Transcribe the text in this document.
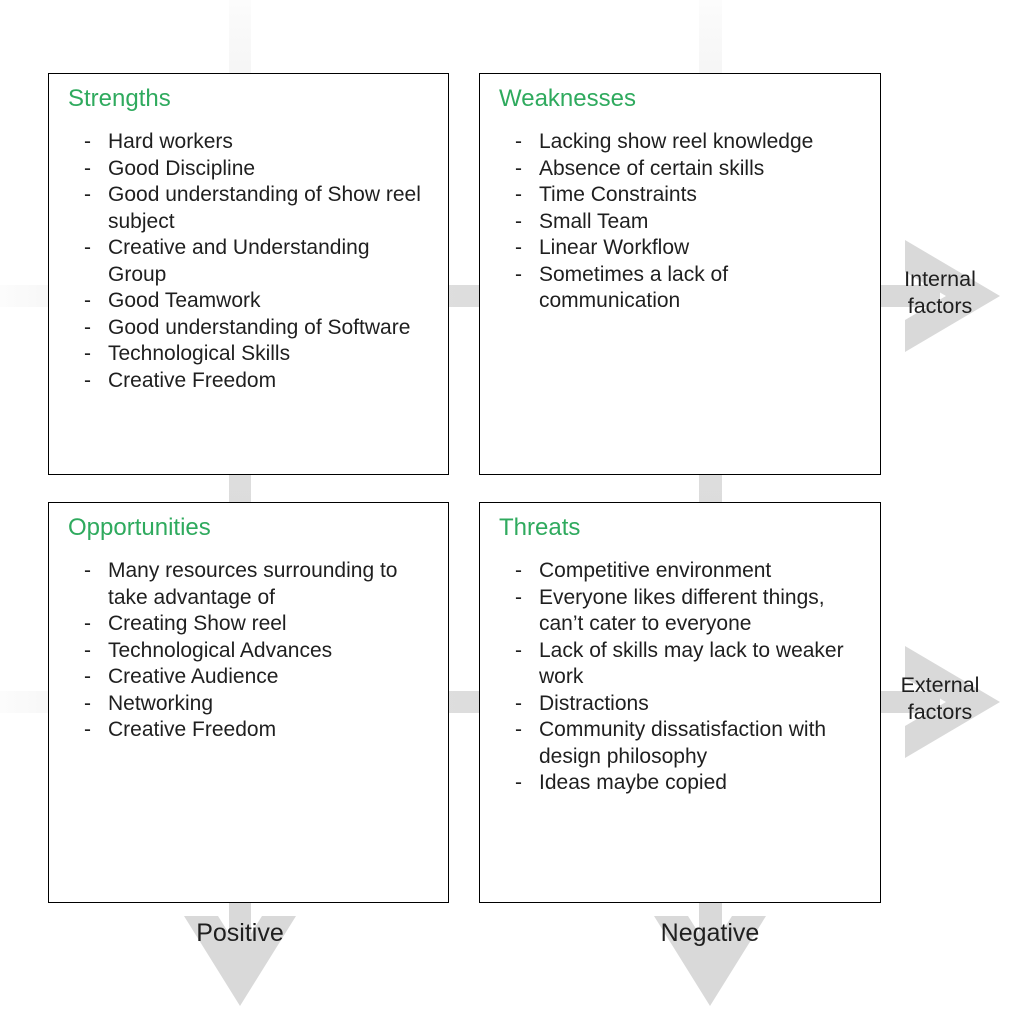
Strengths
- Hard workers
- Good Discipline
- Good understanding of Show reel subject
- Creative and Understanding Group
- Good Teamwork
- Good understanding of Software
- Technological Skills
- Creative Freedom
Weaknesses
- Lacking show reel knowledge
- Absence of certain skills
- Time Constraints
- Small Team
- Linear Workflow
- Sometimes a lack of communication
Opportunities
- Many resources surrounding to take advantage of
- Creating Show reel
- Technological Advances
- Creative Audience
- Networking
- Creative Freedom
Threats
- Competitive environment
- Everyone likes different things, can’t cater to everyone
- Lack of skills may lack to weaker work
- Distractions
- Community dissatisfaction with design philosophy
- Ideas maybe copied
Internal factors
External factors
Positive	Negative
